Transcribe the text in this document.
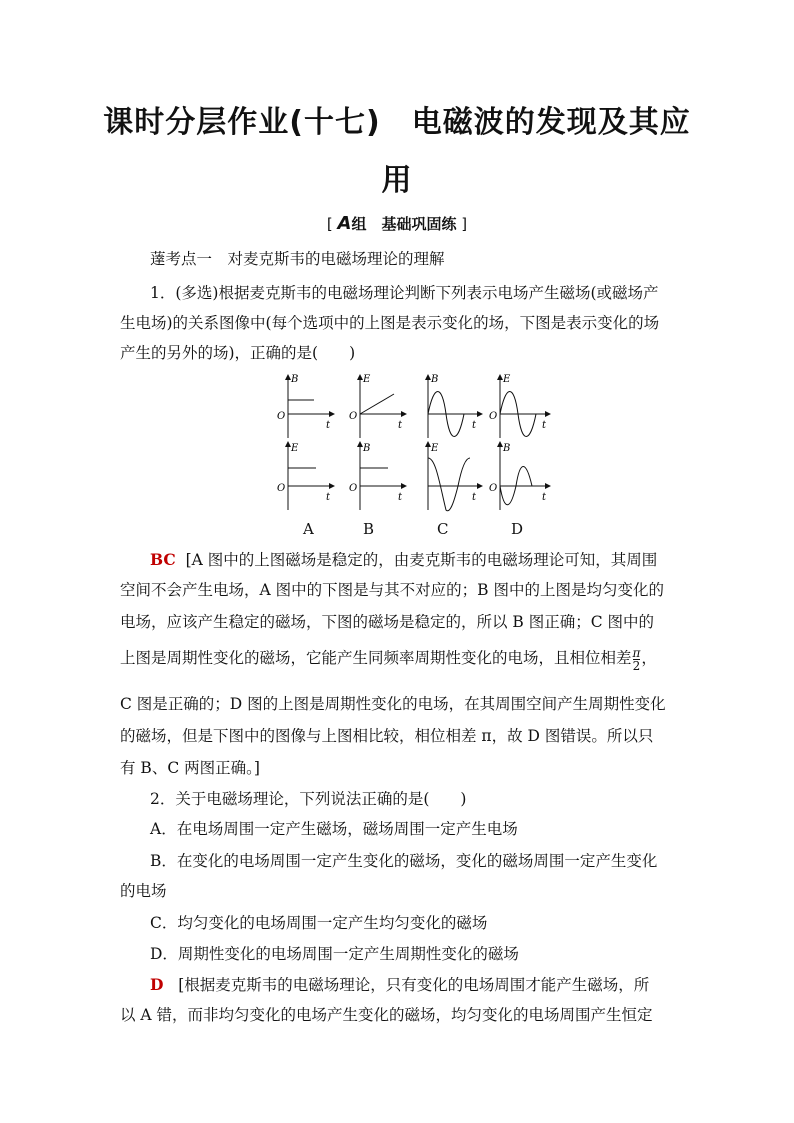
课时分层作业(十七)　电磁波的发现及其应
用
[ A组　基础巩固练 ]
薘考点一　对麦克斯韦的电磁场理论的理解
1．(多选)根据麦克斯韦的电磁场理论判断下列表示电场产生磁场(或磁场产
生电场)的关系图像中(每个选项中的上图是表示变化的场，下图是表示变化的场
产生的另外的场)，正确的是(　　)
O
t
B
O
t
E	B
t
O
E
t
O
t
E
O
t
B	E
t
O
B
t
A	B	C	D
BC [A 图中的上图磁场是稳定的，由麦克斯韦的电磁场理论可知，其周围
空间不会产生电场，A 图中的下图是与其不对应的；B 图中的上图是均匀变化的
电场，应该产生稳定的磁场，下图的磁场是稳定的，所以 B 图正确；C 图中的
上图是周期性变化的磁场，它能产生同频率周期性变化的电场，且相位相差 $\frac{\pi}{2}$ ，
C 图是正确的；D 图的上图是周期性变化的电场，在其周围空间产生周期性变化
的磁场，但是下图中的图像与上图相比较，相位相差 π，故 D 图错误。所以只
有 B、C 两图正确。]
2．关于电磁场理论，下列说法正确的是(　　)
A．在电场周围一定产生磁场，磁场周围一定产生电场
B．在变化的电场周围一定产生变化的磁场，变化的磁场周围一定产生变化
的电场
C．均匀变化的电场周围一定产生均匀变化的磁场
D．周期性变化的电场周围一定产生周期性变化的磁场
D [根据麦克斯韦的电磁场理论，只有变化的电场周围才能产生磁场，所
以 A 错，而非均匀变化的电场产生变化的磁场，均匀变化的电场周围产生恒定
